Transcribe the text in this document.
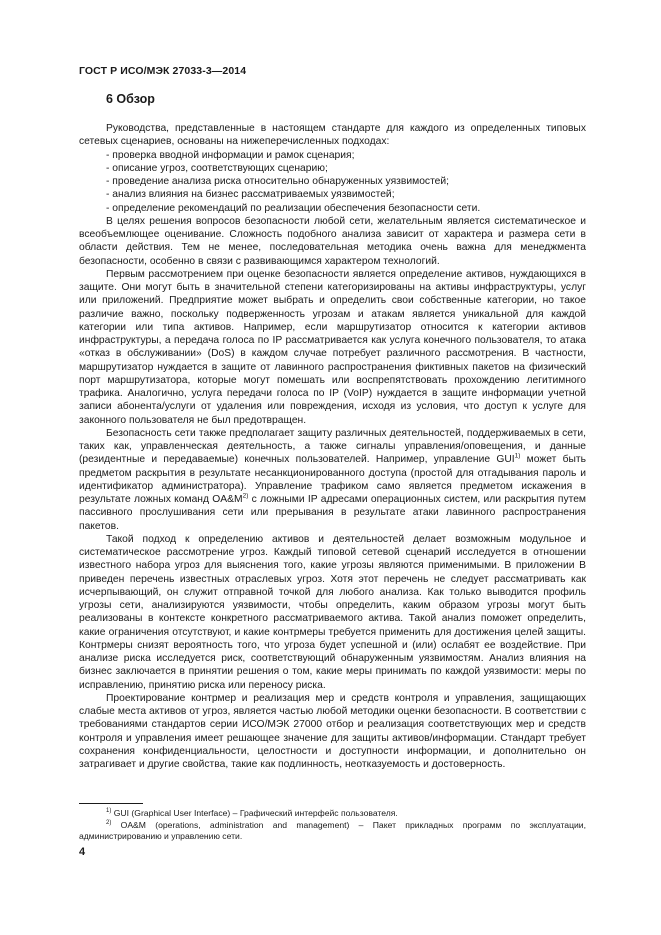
ГОСТ Р ИСО/МЭК 27033-3—2014
6 Обзор

Руководства, представленные в настоящем стандарте для каждого из определенных типовых сетевых сценариев, основаны на нижеперечисленных подходах:

- проверка вводной информации и рамок сценария;
- описание угроз, соответствующих сценарию;
- проведение анализа риска относительно обнаруженных уязвимостей;
- анализ влияния на бизнес рассматриваемых уязвимостей;
- определение рекомендаций по реализации обеспечения безопасности сети.

В целях решения вопросов безопасности любой сети, желательным является систематическое и всеобъемлющее оценивание. Сложность подобного анализа зависит от характера и размера сети в области действия. Тем не менее, последовательная методика очень важна для менеджмента безопасности, особенно в связи с развивающимся характером технологий.

Первым рассмотрением при оценке безопасности является определение активов, нуждающихся в защите. Они могут быть в значительной степени категоризированы на активы инфраструктуры, услуг или приложений. Предприятие может выбрать и определить свои собственные категории, но такое различие важно, поскольку подверженность угрозам и атакам является уникальной для каждой категории или типа активов. Например, если маршрутизатор относится к категории активов инфраструктуры, а передача голоса по IP рассматривается как услуга конечного пользователя, то атака «отказ в обслуживании» (DoS) в каждом случае потребует различного рассмотрения. В частности, маршрутизатор нуждается в защите от лавинного распространения фиктивных пакетов на физический порт маршрутизатора, которые могут помешать или воспрепятствовать прохождению легитимного трафика. Аналогично, услуга передачи голоса по IP (VoIP) нуждается в защите информации учетной записи абонента/услуги от удаления или повреждения, исходя из условия, что доступ к услуге для законного пользователя не был предотвращен.

Безопасность сети также предполагает защиту различных деятельностей, поддерживаемых в сети, таких как, управленческая деятельность, а также сигналы управления/оповещения, и данные (резидентные и передаваемые) конечных пользователей. Например, управление GUI$^{1)}$ может быть предметом раскрытия в результате несанкционированного доступа (простой для отгадывания пароль и идентификатор администратора). Управление трафиком само является предметом искажения в результате ложных команд $OA\&M^{2)}$ с ложными IP адресами операционных систем, или раскрытия путем пассивного прослушивания сети или прерывания в результате атаки лавинного распространения пакетов.

Такой подход к определению активов и деятельностей делает возможным модульное и систематическое рассмотрение угроз. Каждый типовой сетевой сценарий исследуется в отношении известного набора угроз для выяснения того, какие угрозы являются применимыми. В приложении В приведен перечень известных отраслевых угроз. Хотя этот перечень не следует рассматривать как исчерпывающий, он служит отправной точкой для любого анализа. Как только выводится профиль угрозы сети, анализируются уязвимости, чтобы определить, каким образом угрозы могут быть реализованы в контексте конкретного рассматриваемого актива. Такой анализ поможет определить, какие ограничения отсутствуют, и какие контрмеры требуется применить для достижения целей защиты. Контрмеры снизят вероятность того, что угроза будет успешной и (или) ослабят ее воздействие. При анализе риска исследуется риск, соответствующий обнаруженным уязвимостям. Анализ влияния на бизнес заключается в принятии решения о том, какие меры принимать по каждой уязвимости: меры по исправлению, принятию риска или переносу риска.

Проектирование контрмер и реализация мер и средств контроля и управления, защищающих слабые места активов от угроз, является частью любой методики оценки безопасности. В соответствии с требованиями стандартов серии ИСО/МЭК 27000 отбор и реализация соответствующих мер и средств контроля и управления имеет решающее значение для защиты активов/информации. Стандарт требует сохранения конфиденциальности, целостности и доступности информации, и дополнительно он затрагивает и другие свойства, такие как подлинность, неотказуемость и достоверность.

$^{1)}$ GUI (Graphical User Interface) – Графический интерфейс пользователя.

$^{2)}$ OA&M (operations, administration and management) – Пакет прикладных программ по эксплуатации, администрированию и управлению сети.

4
